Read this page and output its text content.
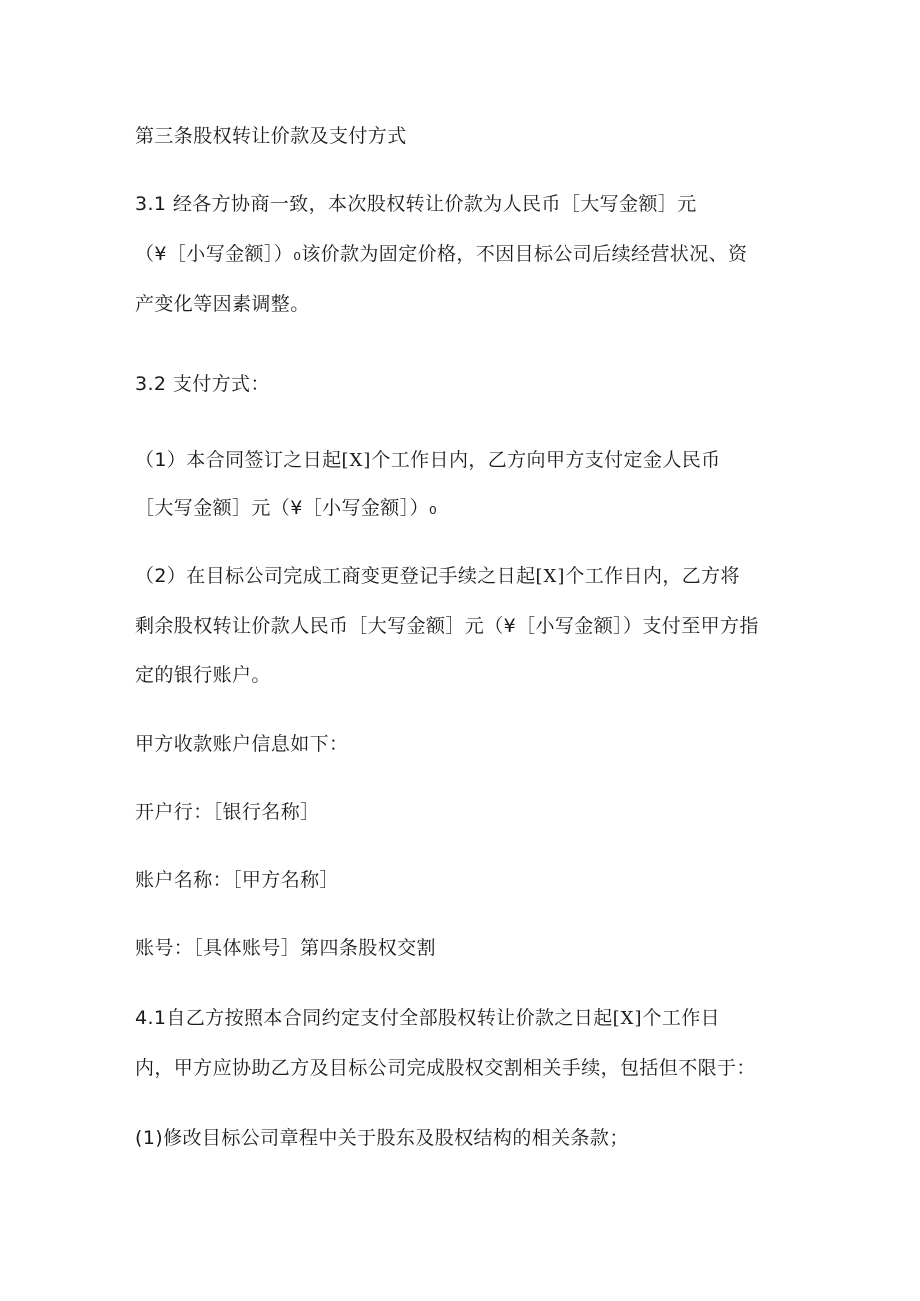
第三条股权转让价款及支付方式

3.1 经各方协商一致，本次股权转让价款为人民币［大写金额］元

（¥［小写金额］）₀该价款为固定价格，不因目标公司后续经营状况、资

产变化等因素调整。

3.2 支付方式：

（1）本合同签订之日起[X]个工作日内，乙方向甲方支付定金人民币

［大写金额］元（¥［小写金额］）₀

（2）在目标公司完成工商变更登记手续之日起[X]个工作日内，乙方将

剩余股权转让价款人民币［大写金额］元（¥［小写金额］）支付至甲方指

定的银行账户。

甲方收款账户信息如下：

开户行：［银行名称］

账户名称：［甲方名称］

账号：［具体账号］第四条股权交割

4.1自乙方按照本合同约定支付全部股权转让价款之日起[X]个工作日

内，甲方应协助乙方及目标公司完成股权交割相关手续，包括但不限于：

(1)修改目标公司章程中关于股东及股权结构的相关条款；
